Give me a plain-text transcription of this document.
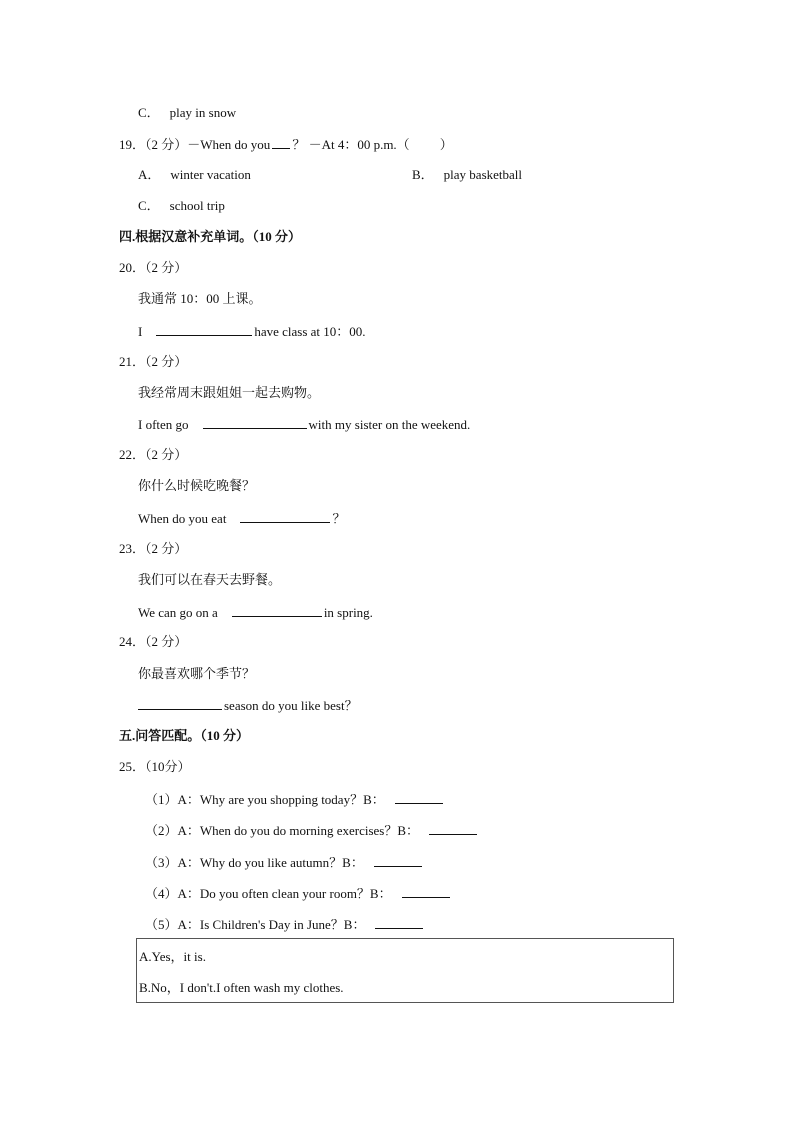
C． play in snow
19．（2 分）－When do you ？ －At 4：00 p.m.（ ）
A． winter vacation	B． play basketball
C． school trip
四.根据汉意补充单词。（10 分）
20．（2 分）
我通常 10：00 上课。
I	have class at 10：00.
21．（2 分）
我经常周末跟姐姐一起去购物。
I often go	with my sister on the weekend.
22．（2 分）
你什么时候吃晚餐？
When do you eat	？
23．（2 分）
我们可以在春天去野餐。
We can go on a	in spring.
24．（2 分）
你最喜欢哪个季节？
season do you like best？
五.问答匹配。（10 分）
25．（10分）
（1）A：Why are you shopping today？B：
（2）A：When do you do morning exercises？B：
（3）A：Why do you like autumn？B：
（4）A：Do you often clean your room？B：
（5）A：Is Children's Day in June？B：
A.Yes，it is.
B.No，I don't.I often wash my clothes.
